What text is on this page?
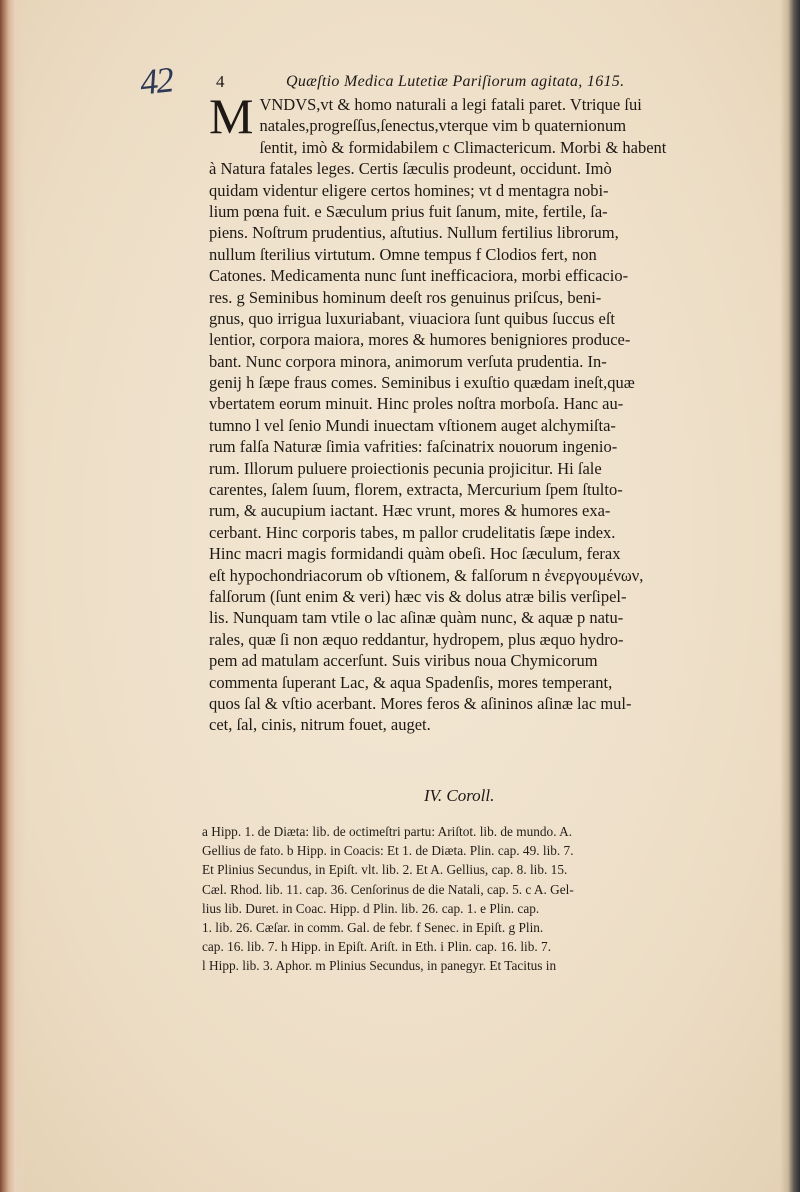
42 4	Quæſtio Medica Lutetiæ Pariſiorum agitata, 1615.
M VNDVS,vt & homo naturali a legi fatali paret. Vtrique ſui
natales,progreſſus,ſenectus,vterque vim b quaternionum
ſentit, imò & formidabilem c Climactericum. Morbi & habent
à Natura fatales leges. Certis ſæculis prodeunt, occidunt. Imò
quidam videntur eligere certos homines; vt d mentagra nobi-
lium pœna fuit. e Sæculum prius fuit ſanum, mite, fertile, ſa-
piens. Noſtrum prudentius, aſtutius. Nullum fertilius librorum,
nullum ſterilius virtutum. Omne tempus f Clodios fert, non
Catones. Medicamenta nunc ſunt inefficaciora, morbi efficacio-
res. g Seminibus hominum deeſt ros genuinus priſcus, beni-
gnus, quo irrigua luxuriabant, viuaciora ſunt quibus ſuccus eſt
lentior, corpora maiora, mores & humores benigniores produce-
bant. Nunc corpora minora, animorum verſuta prudentia. In-
genij h ſæpe fraus comes. Seminibus i exuſtio quædam ineſt,quæ
vbertatem eorum minuit. Hinc proles noſtra morboſa. Hanc au-
tumno l vel ſenio Mundi inuectam vſtionem auget alchymiſta-
rum falſa Naturæ ſimia vafrities: faſcinatrix nouorum ingenio-
rum. Illorum puluere proiectionis pecunia projicitur. Hi ſale
carentes, ſalem ſuum, florem, extracta, Mercurium ſpem ſtulto-
rum, & aucupium iactant. Hæc vrunt, mores & humores exa-
cerbant. Hinc corporis tabes, m pallor crudelitatis ſæpe index.
Hinc macri magis formidandi quàm obeſi. Hoc ſæculum, ferax
eſt hypochondriacorum ob vſtionem, & falſorum n ἐνεργουμένων,
falſorum (ſunt enim & veri) hæc vis & dolus atræ bilis verſipel-
lis. Nunquam tam vtile o lac aſinæ quàm nunc, & aquæ p natu-
rales, quæ ſi non æquo reddantur, hydropem, plus æquo hydro-
pem ad matulam accerſunt. Suis viribus noua Chymicorum
commenta ſuperant Lac, & aqua Spadenſis, mores temperant,
quos ſal & vſtio acerbant. Mores feros & aſininos aſinæ lac mul-
cet, ſal, cinis, nitrum fouet, auget.
IV. Coroll.
a Hipp. 1. de Diæta: lib. de octimeſtri partu: Ariſtot. lib. de mundo. A.
Gellius de fato. b Hipp. in Coacis: Et 1. de Diæta. Plin. cap. 49. lib. 7.
Et Plinius Secundus, in Epiſt. vlt. lib. 2. Et A. Gellius, cap. 8. lib. 15.
Cæl. Rhod. lib. 11. cap. 36. Cenſorinus de die Natali, cap. 5. c A. Gel-
lius lib. Duret. in Coac. Hipp. d Plin. lib. 26. cap. 1. e Plin. cap.
1. lib. 26. Cæſar. in comm. Gal. de febr. f Senec. in Epiſt. g Plin.
cap. 16. lib. 7. h Hipp. in Epiſt. Ariſt. in Eth. i Plin. cap. 16. lib. 7.
l Hipp. lib. 3. Aphor. m Plinius Secundus, in panegyr. Et Tacitus in
